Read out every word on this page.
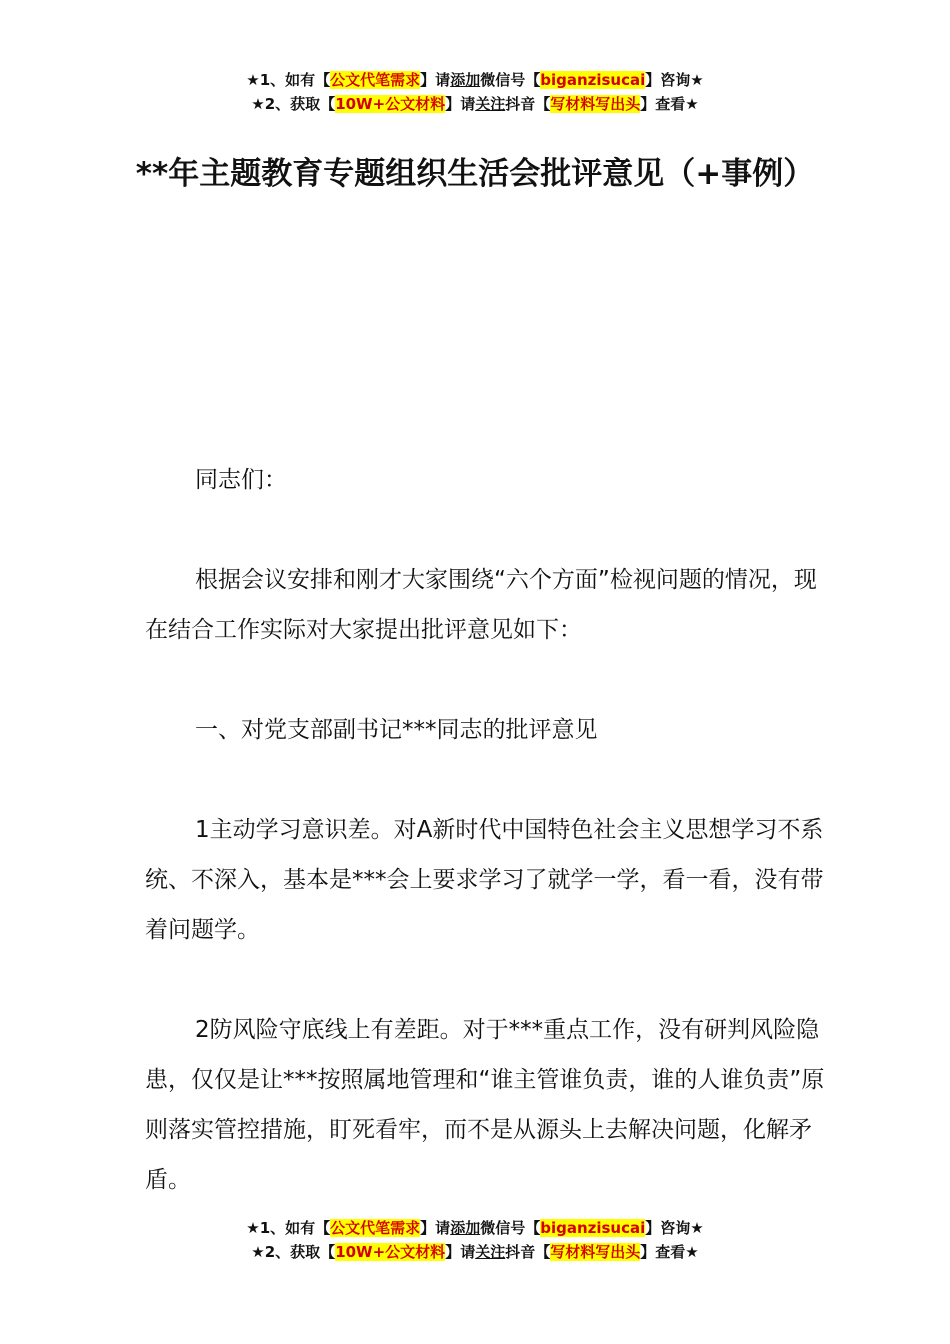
★1、如有【公文代笔需求】请添加微信号【biganzisucai】咨询★
★2、获取【10W+公文材料】请关注抖音【写材料写出头】查看★
**年主题教育专题组织生活会批评意见（+事例）

同志们：

根据会议安排和刚才大家围绕“六个方面”检视问题的情况，现在结合工作实际对大家提出批评意见如下：

一、对党支部副书记***同志的批评意见

1主动学习意识差。对A新时代中国特色社会主义思想学习不系统、不深入，基本是***会上要求学习了就学一学，看一看，没有带着问题学。

2防风险守底线上有差距。对于***重点工作，没有研判风险隐患，仅仅是让***按照属地管理和“谁主管谁负责，谁的人谁负责”原则落实管控措施，盯死看牢，而不是从源头上去解决问题，化解矛盾。

★1、如有【公文代笔需求】请添加微信号【biganzisucai】咨询★
★2、获取【10W+公文材料】请关注抖音【写材料写出头】查看★
